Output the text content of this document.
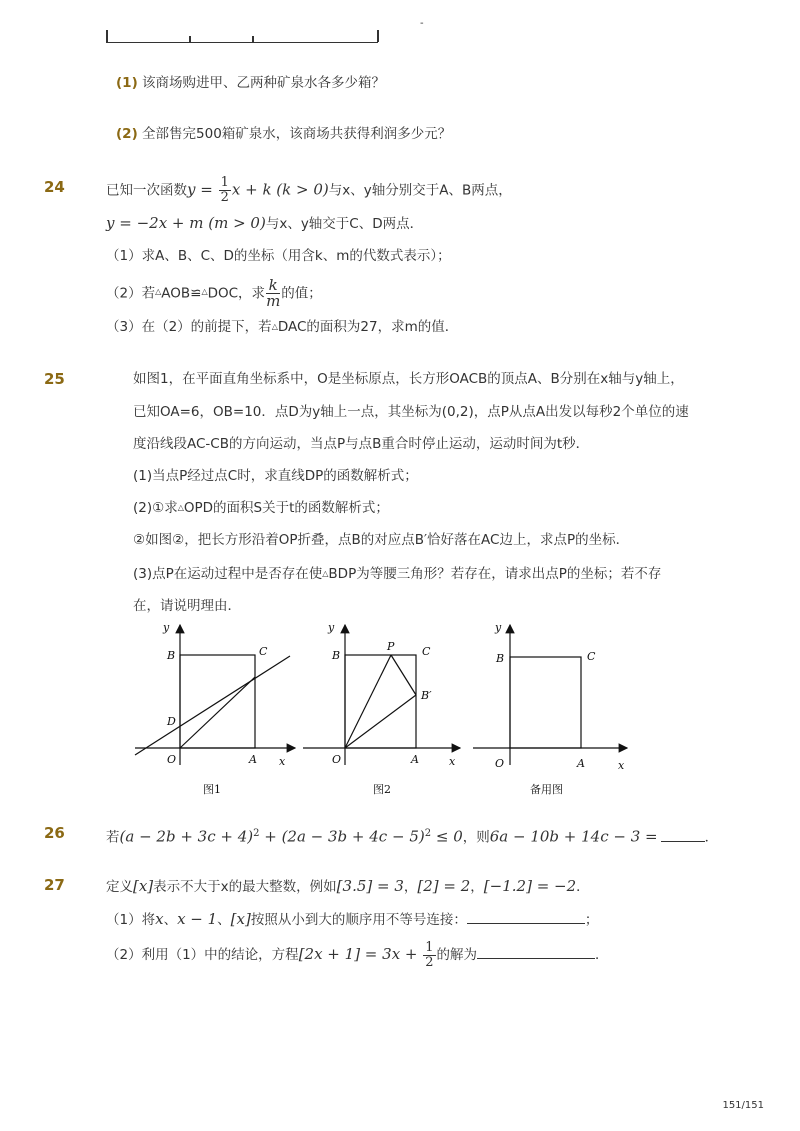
-
(1) 该商场购进甲、乙两种矿泉水各多少箱？
(2) 全部售完500箱矿泉水，该商场共获得利润多少元？
24	已知一次函数$y = \frac{1}{2}$ x + k (k > 0)与x、y轴分别交于A、B两点，
y = −2x + m (m > 0)与x、y轴交于C、D两点．
（1）求A、B、C、D的坐标（用含k、m的代数式表示）；
（2）若△AOB≌△DOC，求 $\frac{k}{m}$ 的值；
（3）在（2）的前提下，若△DAC的面积为27，求m的值．
25	如图1，在平面直角坐标系中，O是坐标原点，长方形OACB的顶点A、B分别在x轴与y轴上，
已知OA=6，OB=10．点D为y轴上一点，其坐标为(0,2)，点P从点A出发以每秒2个单位的速
度沿线段AC-CB的方向运动，当点P与点B重合时停止运动，运动时间为t秒．
(1)当点P经过点C时，求直线DP的函数解析式；
(2)①求△OPD的面积S关于t的函数解析式；
②如图②，把长方形沿着OP折叠，点B的对应点B′恰好落在AC边上，求点P的坐标．
(3)点P在运动过程中是否存在使△BDP为等腰三角形？若存在，请求出点P的坐标；若不存
在，请说明理由．
y
B	C
D
O	A x
图1
y
B
P	C
B′
O	A	x
图2
y
B	C
O	A	x
备用图
26	若$(a - 2b + 3c + 4)^2 + (2a - 3b + 4c - 5)^2 \le 0$，则6a − 10b + 14c − 3 =	．
27	定义[x]表示不大于x的最大整数，例如[3.5] = 3，[2] = 2，[−1.2] = −2．
（1）将x、x − 1、[x]按照从小到大的顺序用不等号连接：	；
（2）利用（1）中的结论，方程$[2x + 1] = 3x + \frac{1}{2}$ 的解为	．
151/151
